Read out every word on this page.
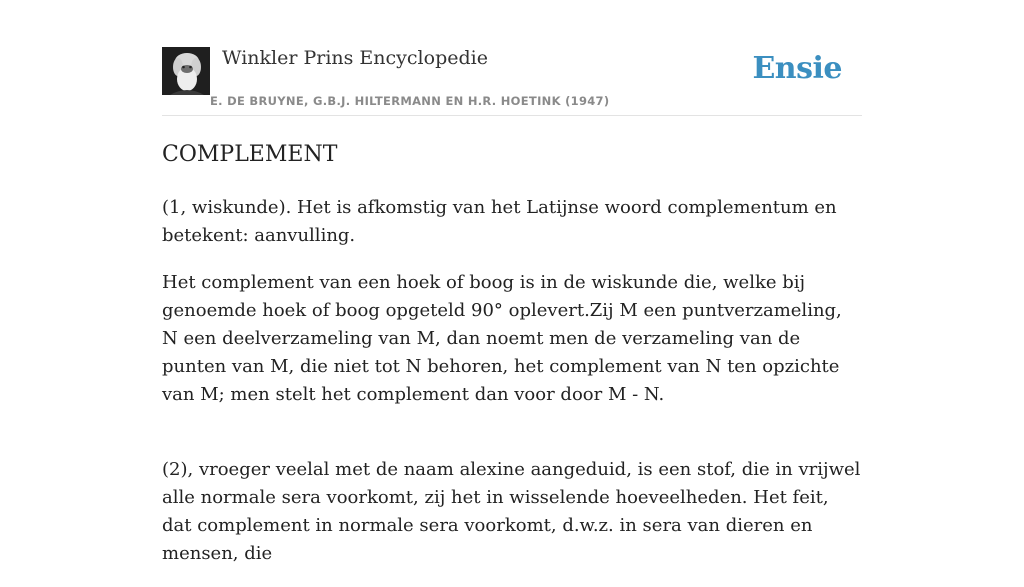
Winkler Prins Encyclopedie
E. DE BRUYNE, G.B.J. HILTERMANN EN H.R. HOETINK (1947)
Ensie
COMPLEMENT

(1, wiskunde). Het is afkomstig van het Latijnse woord complementum en betekent: aanvulling.

Het complement van een hoek of boog is in de wiskunde die, welke bij genoemde hoek of boog opgeteld 90° oplevert.Zij M een puntverzameling, N een deelverzameling van M, dan noemt men de verzameling van de punten van M, die niet tot N behoren, het complement van N ten opzichte van M; men stelt het complement dan voor door M - N.

(2), vroeger veelal met de naam alexine aangeduid, is een stof, die in vrijwel alle normale sera voorkomt, zij het in wisselende hoeveelheden. Het feit, dat complement in normale sera voorkomt, d.w.z. in sera van dieren en mensen, die
